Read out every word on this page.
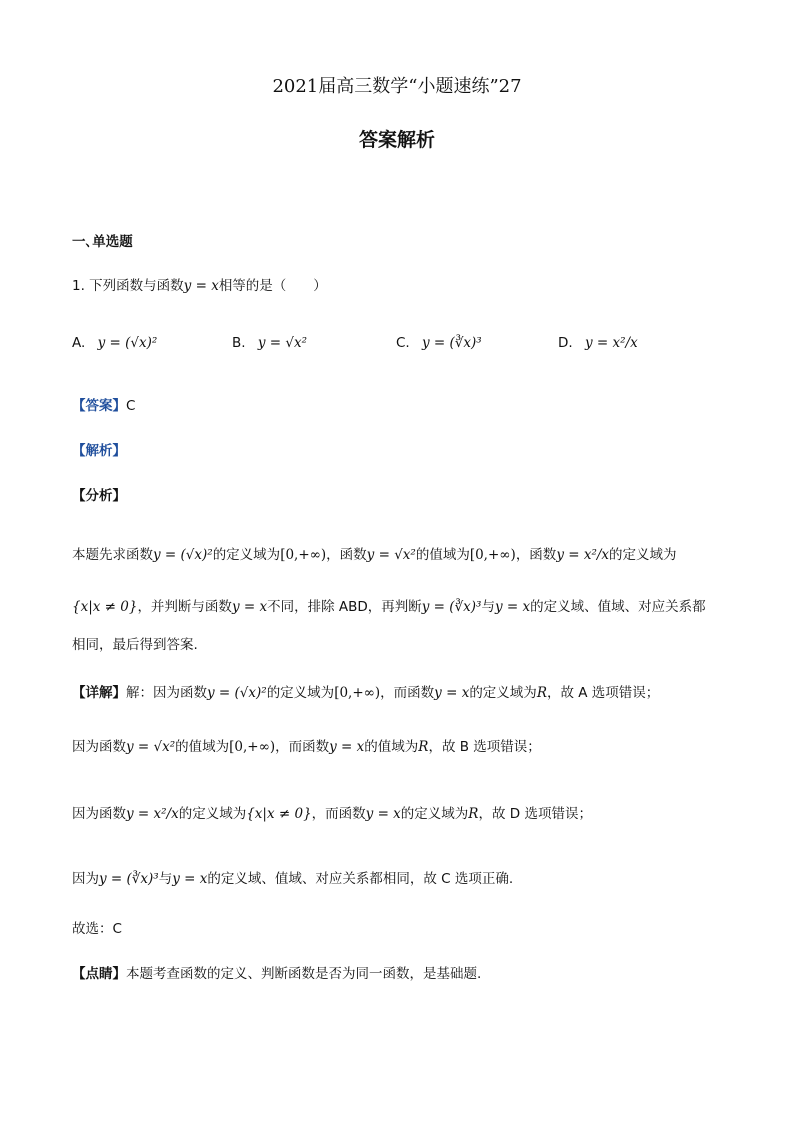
2021届高三数学“小题速练”27
答案解析
一､单选题
1. 下列函数与函数y = x相等的是（　　）
A. y = (√x)²	B. y = √x²	C. y = (∛x)³	D. y = x²/x
【答案】C
【解析】
【分析】
本题先求函数y = (√x)²的定义域为[0,+∞)，函数y = √x²的值域为[0,+∞)，函数y = x²/x的定义域为
{x|x ≠ 0}，并判断与函数y = x不同，排除 ABD，再判断y = (∛x)³与y = x的定义域、值域、对应关系都
相同，最后得到答案.
【详解】解：因为函数y = (√x)²的定义域为[0,+∞)，而函数y = x的定义域为R，故 A 选项错误；
因为函数y = √x²的值域为[0,+∞)，而函数y = x的值域为R，故 B 选项错误；
因为函数y = x²/x的定义域为{x|x ≠ 0}，而函数y = x的定义域为R，故 D 选项错误；
因为y = (∛x)³与y = x的定义域、值域、对应关系都相同，故 C 选项正确.
故选：C
【点睛】本题考查函数的定义、判断函数是否为同一函数，是基础题.
